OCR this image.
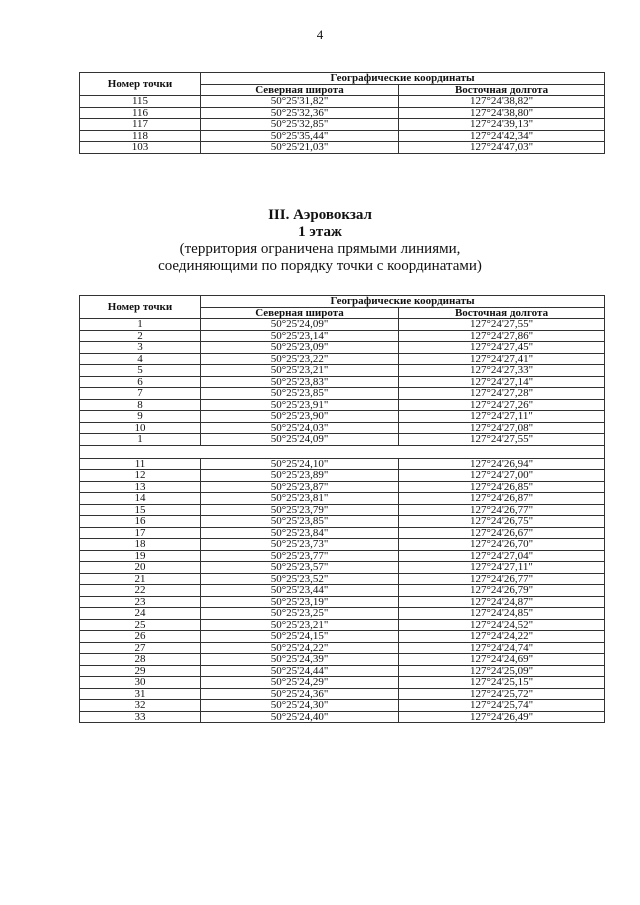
4
Номер точки	Географические координаты	
	Северная широта	Восточная долгота
115	50°25'31,82"	127°24'38,82"
116	50°25'32,36"	127°24'38,80"
117	50°25'32,85"	127°24'39,13"
118	50°25'35,44"	127°24'42,34"
103	50°25'21,03"	127°24'47,03"
III. Аэровокзал
1 этаж
(территория ограничена прямыми линиями,
соединяющими по порядку точки с координатами)
Номер точки	Географические координаты	
	Северная широта	Восточная долгота
1	50°25'24,09"	127°24'27,55"
2	50°25'23,14"	127°24'27,86"
3	50°25'23,09"	127°24'27,45"
4	50°25'23,22"	127°24'27,41"
5	50°25'23,21"	127°24'27,33"
6	50°25'23,83"	127°24'27,14"
7	50°25'23,85"	127°24'27,28"
8	50°25'23,91"	127°24'27,26"
9	50°25'23,90"	127°24'27,11"
10	50°25'24,03"	127°24'27,08"
1	50°25'24,09"	127°24'27,55"

11	50°25'24,10"	127°24'26,94"
12	50°25'23,89"	127°24'27,00"
13	50°25'23,87"	127°24'26,85"
14	50°25'23,81"	127°24'26,87"
15	50°25'23,79"	127°24'26,77"
16	50°25'23,85"	127°24'26,75"
17	50°25'23,84"	127°24'26,67"
18	50°25'23,73"	127°24'26,70"
19	50°25'23,77"	127°24'27,04"
20	50°25'23,57"	127°24'27,11"
21	50°25'23,52"	127°24'26,77"
22	50°25'23,44"	127°24'26,79"
23	50°25'23,19"	127°24'24,87"
24	50°25'23,25"	127°24'24,85"
25	50°25'23,21"	127°24'24,52"
26	50°25'24,15"	127°24'24,22"
27	50°25'24,22"	127°24'24,74"
28	50°25'24,39"	127°24'24,69"
29	50°25'24,44"	127°24'25,09"
30	50°25'24,29"	127°24'25,15"
31	50°25'24,36"	127°24'25,72"
32	50°25'24,30"	127°24'25,74"
33	50°25'24,40"	127°24'26,49"
